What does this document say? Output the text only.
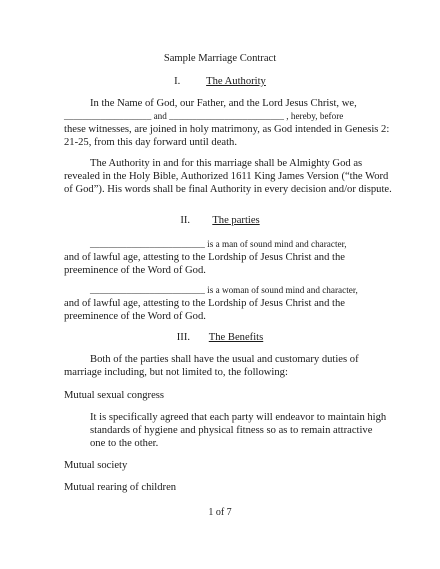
Sample Marriage Contract
I. The Authority
In the Name of God, our Father, and the Lord Jesus Christ, we,
___________________ and _________________________ , hereby, before
these witnesses, are joined in holy matrimony, as God intended in Genesis 2:
21-25, from this day forward until death.
The Authority in and for this marriage shall be Almighty God as
revealed in the Holy Bible, Authorized 1611 King James Version (“the Word
of God”). His words shall be final Authority in every decision and/or dispute.
II. The parties
_________________________ is a man of sound mind and character,
and of lawful age, attesting to the Lordship of Jesus Christ and the
preeminence of the Word of God.
_________________________ is a woman of sound mind and character,
and of lawful age, attesting to the Lordship of Jesus Christ and the
preeminence of the Word of God.
III. The Benefits
Both of the parties shall have the usual and customary duties of
marriage including, but not limited to, the following:
Mutual sexual congress
It is specifically agreed that each party will endeavor to maintain high
standards of hygiene and physical fitness so as to remain attractive
one to the other.
Mutual society
Mutual rearing of children
1 of 7
